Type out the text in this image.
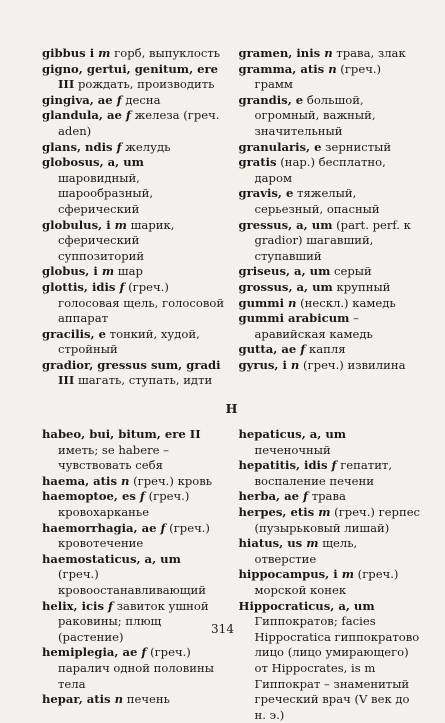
gibbus i m горб, выпуклость

gigno, gertui, genitum, ere III рождать, производить

gingiva, ae f десна

glandula, ae f железа (греч. aden)

glans, ndis f желудь

globosus, a, um шаровидный, шарообразный, сферический

globulus, i m шарик, сферический суппозиторий

globus, i m шар

glottis, idis f (греч.) голосовая щель, голосовой аппарат

gracilis, e тонкий, худой, стройный

gradior, gressus sum, gradi III шагать, ступать, идти

gramen, inis n трава, злак

gramma, atis n (греч.) грамм

grandis, e большой, огромный, важный, значительный

granularis, e зернистый

gratis (нар.) бесплатно, даром

gravis, e тяжелый, серьезный, опасный

gressus, a, um (part. perf. к gradior) шагавший, ступавший

griseus, a, um серый

grossus, a, um крупный

gummi n (нескл.) камедь

gummi arabicum – аравийская камедь

gutta, ae f капля

gyrus, i n (греч.) извилина

H

habeo, bui, bitum, ere II иметь; se habere – чувствовать себя

haema, atis n (греч.) кровь

haemoptoe, es f (греч.) кровохарканье

haemorrhagia, ae f (греч.) кровотечение

haemostaticus, a, um (греч.) кровоостанавливающий

helix, icis f завиток ушной раковины; плющ (растение)

hemiplegia, ae f (греч.) паралич одной половины тела

hepar, atis n печень

hepaticus, a, um печеночный

hepatitis, idis f гепатит, воспаление печени

herba, ae f трава

herpes, etis m (греч.) герпес (пузырьковый лишай)

hiatus, us m щель, отверстие

hippocampus, i m (греч.) морской конек

Hippocraticus, a, um Гиппократов; facies Hippocratica гиппократово лицо (лицо умирающего) от Hippocrates, is m Гиппократ – знаменитый греческий врач (V век до н. э.)

314
